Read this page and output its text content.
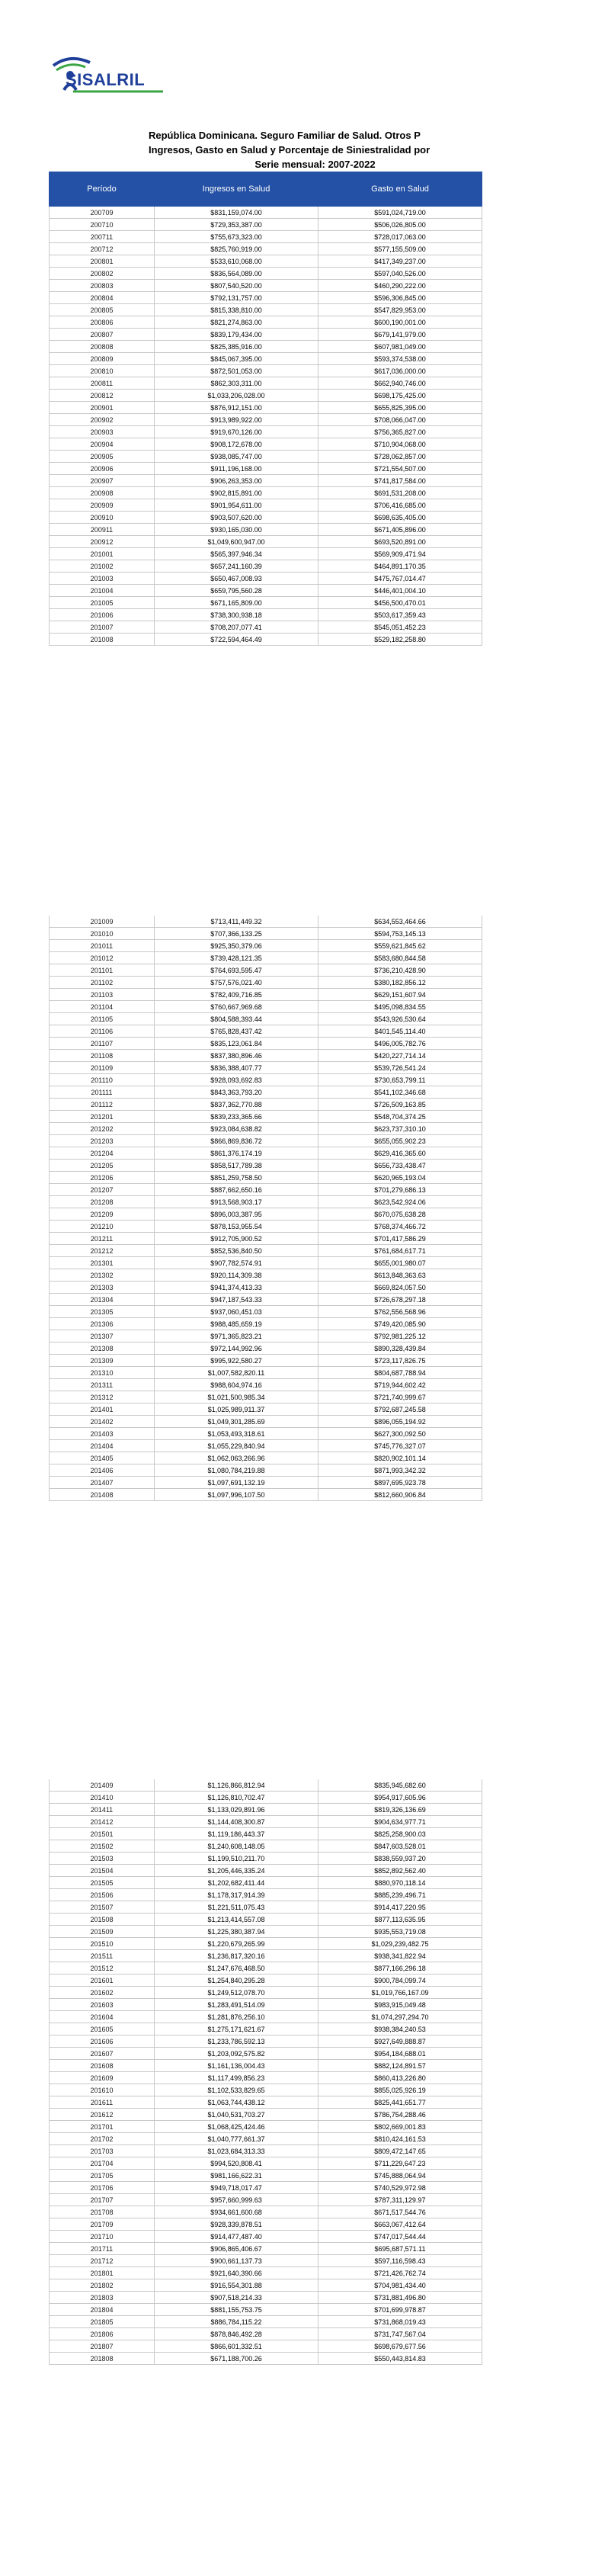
SISALRIL
República Dominicana. Seguro Familiar de Salud. Otros P
Ingresos, Gasto en Salud y Porcentaje de Siniestralidad por
Serie mensual: 2007-2022
Período	Ingresos en Salud	Gasto en Salud
200709	$831,159,074.00	$591,024,719.00
200710	$729,353,387.00	$506,026,805.00
200711	$755,673,323.00	$728,017,063.00
200712	$825,760,919.00	$577,155,509.00
200801	$533,610,068.00	$417,349,237.00
200802	$836,564,089.00	$597,040,526.00
200803	$807,540,520.00	$460,290,222.00
200804	$792,131,757.00	$596,306,845.00
200805	$815,338,810.00	$547,829,953.00
200806	$821,274,863.00	$600,190,001.00
200807	$839,179,434.00	$679,141,979.00
200808	$825,385,916.00	$607,981,049.00
200809	$845,067,395.00	$593,374,538.00
200810	$872,501,053.00	$617,036,000.00
200811	$862,303,311.00	$662,940,746.00
200812	$1,033,206,028.00	$698,175,425.00
200901	$876,912,151.00	$655,825,395.00
200902	$913,989,922.00	$708,066,047.00
200903	$919,670,126.00	$756,365,827.00
200904	$908,172,678.00	$710,904,068.00
200905	$938,085,747.00	$728,062,857.00
200906	$911,196,168.00	$721,554,507.00
200907	$906,263,353.00	$741,817,584.00
200908	$902,815,891.00	$691,531,208.00
200909	$901,954,611.00	$706,416,685.00
200910	$903,507,620.00	$698,635,405.00
200911	$930,165,030.00	$671,405,896.00
200912	$1,049,600,947.00	$693,520,891.00
201001	$565,397,946.34	$569,909,471.94
201002	$657,241,160.39	$464,891,170.35
201003	$650,467,008.93	$475,767,014.47
201004	$659,795,560.28	$446,401,004.10
201005	$671,165,809.00	$456,500,470.01
201006	$738,300,938.18	$503,617,359.43
201007	$708,207,077.41	$545,051,452.23
201008	$722,594,464.49	$529,182,258.80
201009	$713,411,449.32	$634,553,464.66
201010	$707,366,133.25	$594,753,145.13
201011	$925,350,379.06	$559,621,845.62
201012	$739,428,121.35	$583,680,844.58
201101	$764,693,595.47	$736,210,428.90
201102	$757,576,021.40	$380,182,856.12
201103	$782,409,716.85	$629,151,607.94
201104	$760,667,969.68	$495,098,834.55
201105	$804,588,393.44	$543,926,530.64
201106	$765,828,437.42	$401,545,114.40
201107	$835,123,061.84	$496,005,782.76
201108	$837,380,896.46	$420,227,714.14
201109	$836,388,407.77	$539,726,541.24
201110	$928,093,692.83	$730,653,799.11
201111	$843,363,793.20	$541,102,346.68
201112	$837,362,770.88	$726,509,163.85
201201	$839,233,365.66	$548,704,374.25
201202	$923,084,638.82	$623,737,310.10
201203	$866,869,836.72	$655,055,902.23
201204	$861,376,174.19	$629,416,365.60
201205	$858,517,789.38	$656,733,438.47
201206	$851,259,758.50	$620,965,193.04
201207	$887,662,650.16	$701,279,686.13
201208	$913,568,903.17	$623,542,924.06
201209	$896,003,387.95	$670,075,638.28
201210	$878,153,955.54	$768,374,466.72
201211	$912,705,900.52	$701,417,586.29
201212	$852,536,840.50	$761,684,617.71
201301	$907,782,574.91	$655,001,980.07
201302	$920,114,309.38	$613,848,363.63
201303	$941,374,413.33	$669,824,057.50
201304	$947,187,543.33	$726,678,297.18
201305	$937,060,451.03	$762,556,568.96
201306	$988,485,659.19	$749,420,085.90
201307	$971,365,823.21	$792,981,225.12
201308	$972,144,992.96	$890,328,439.84
201309	$995,922,580.27	$723,117,826.75
201310	$1,007,582,820.11	$804,687,788.94
201311	$988,604,974.16	$719,944,602.42
201312	$1,021,500,985.34	$721,740,999.67
201401	$1,025,989,911.37	$792,687,245.58
201402	$1,049,301,285.69	$896,055,194.92
201403	$1,053,493,318.61	$627,300,092.50
201404	$1,055,229,840.94	$745,776,327.07
201405	$1,062,063,266.96	$820,902,101.14
201406	$1,080,784,219.88	$871,993,342.32
201407	$1,097,691,132.19	$897,695,923.78
201408	$1,097,996,107.50	$812,660,906.84
201409	$1,126,866,812.94	$835,945,682.60
201410	$1,126,810,702.47	$954,917,605.96
201411	$1,133,029,891.96	$819,326,136.69
201412	$1,144,408,300.87	$904,634,977.71
201501	$1,119,186,443.37	$825,258,900.03
201502	$1,240,608,148.05	$847,603,528.01
201503	$1,199,510,211.70	$838,559,937.20
201504	$1,205,446,335.24	$852,892,562.40
201505	$1,202,682,411.44	$880,970,118.14
201506	$1,178,317,914.39	$885,239,496.71
201507	$1,221,511,075.43	$914,417,220.95
201508	$1,213,414,557.08	$877,113,635.95
201509	$1,225,380,387.94	$935,553,719.08
201510	$1,220,679,265.99	$1,029,239,482.75
201511	$1,236,817,320.16	$938,341,822.94
201512	$1,247,676,468.50	$877,166,296.18
201601	$1,254,840,295.28	$900,784,099.74
201602	$1,249,512,078.70	$1,019,766,167.09
201603	$1,283,491,514.09	$983,915,049.48
201604	$1,281,876,256.10	$1,074,297,294.70
201605	$1,275,171,621.67	$938,384,240.53
201606	$1,233,786,592.13	$927,649,888.87
201607	$1,203,092,575.82	$954,184,688.01
201608	$1,161,136,004.43	$882,124,891.57
201609	$1,117,499,856.23	$860,413,226.80
201610	$1,102,533,829.65	$855,025,926.19
201611	$1,063,744,438.12	$825,441,651.77
201612	$1,040,531,703.27	$786,754,288.46
201701	$1,068,425,424.46	$802,669,001.83
201702	$1,040,777,661.37	$810,424,161.53
201703	$1,023,684,313.33	$809,472,147.65
201704	$994,520,808.41	$711,229,647.23
201705	$981,166,622.31	$745,888,064.94
201706	$949,718,017.47	$740,529,972.98
201707	$957,660,999.63	$787,311,129.97
201708	$934,661,600.68	$671,517,544.76
201709	$928,339,878.51	$663,067,412.64
201710	$914,477,487.40	$747,017,544.44
201711	$906,865,406.67	$695,687,571.11
201712	$900,661,137.73	$597,116,598.43
201801	$921,640,390.66	$721,426,762.74
201802	$916,554,301.88	$704,981,434.40
201803	$907,518,214.33	$731,881,496.80
201804	$881,155,753.75	$701,699,978.87
201805	$886,784,115.22	$731,868,019.43
201806	$878,846,492.28	$731,747,567.04
201807	$866,601,332.51	$698,679,677.56
201808	$671,188,700.26	$550,443,814.83
